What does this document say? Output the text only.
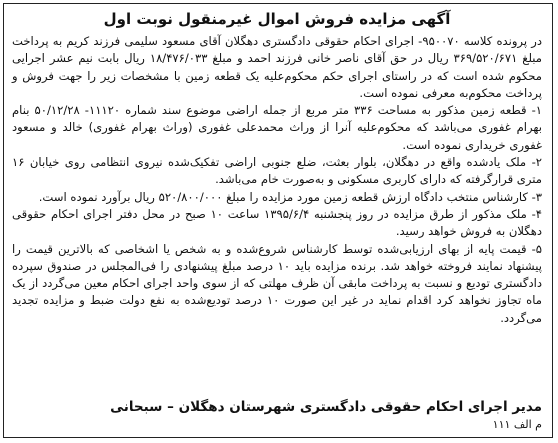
آگهی مزایده فروش اموال غیرمنقول نوبت اول

در پرونده کلاسه ۹۵۰۰۷۰- اجرای احکام حقوقی دادگستری دهگلان آقای مسعود سلیمی فرزند کریم به پرداخت مبلغ ۳۶۹/۵۲۰/۶۷۱ ریال در حق آقای ناصر خانی فرزند احمد و مبلغ ۱۸/۴۷۶/۰۳۳ ریال بابت نیم عشر اجرایی محکوم شده است که در راستای اجرای حکم محکوم‌علیه یک قطعه زمین با مشخصات زیر را جهت فروش و پرداخت محکوم‌به معرفی نموده است.

۱- قطعه زمین مذکور به مساحت ۳۳۶ متر مربع از جمله اراضی موضوع سند شماره ۱۱۱۲۰- ۵۰/۱۲/۲۸ بنام بهرام غفوری می‌باشد که محکوم‌علیه آنرا از وراث محمدعلی غفوری (وراث بهرام غفوری) خالد و مسعود غفوری خریداری نموده است.

۲- ملک یادشده واقع در دهگلان، بلوار بعثت، ضلع جنوبی اراضی تفکیک‌شده نیروی انتظامی روی خیابان ۱۶ متری قرارگرفته که دارای کاربری مسکونی و به‌صورت خام می‌باشد.

۳- کارشناس منتخب دادگاه ارزش قطعه زمین مورد مزایده را مبلغ ۵۲۰/۸۰۰/۰۰۰ ریال برآورد نموده است.

۴- ملک مذکور از طرق مزایده در روز پنجشنبه ۱۳۹۵/۶/۴ ساعت ۱۰ صبح در محل دفتر اجرای احکام حقوقی دهگلان به فروش خواهد رسید.

۵- قیمت پایه از بهای ارزیابی‌شده توسط کارشناس شروع‌شده و به شخص یا اشخاصی که بالاترین قیمت را پیشنهاد نمایند فروخته خواهد شد. برنده مزایده باید ۱۰ درصد مبلغ پیشنهادی را فی‌المجلس در صندوق سپرده دادگستری تودیع و نسبت به پرداخت مابقی آن ظرف مهلتی که از سوی واحد اجرای احکام معین می‌گردد از یک ماه تجاوز نخواهد کرد اقدام نماید در غیر این صورت ۱۰ درصد تودیع‌شده به نفع دولت ضبط و مزایده تجدید می‌گردد.

مدیر اجرای احکام حقوقی دادگستری شهرستان دهگلان – سبحانی
م الف ۱۱۱
